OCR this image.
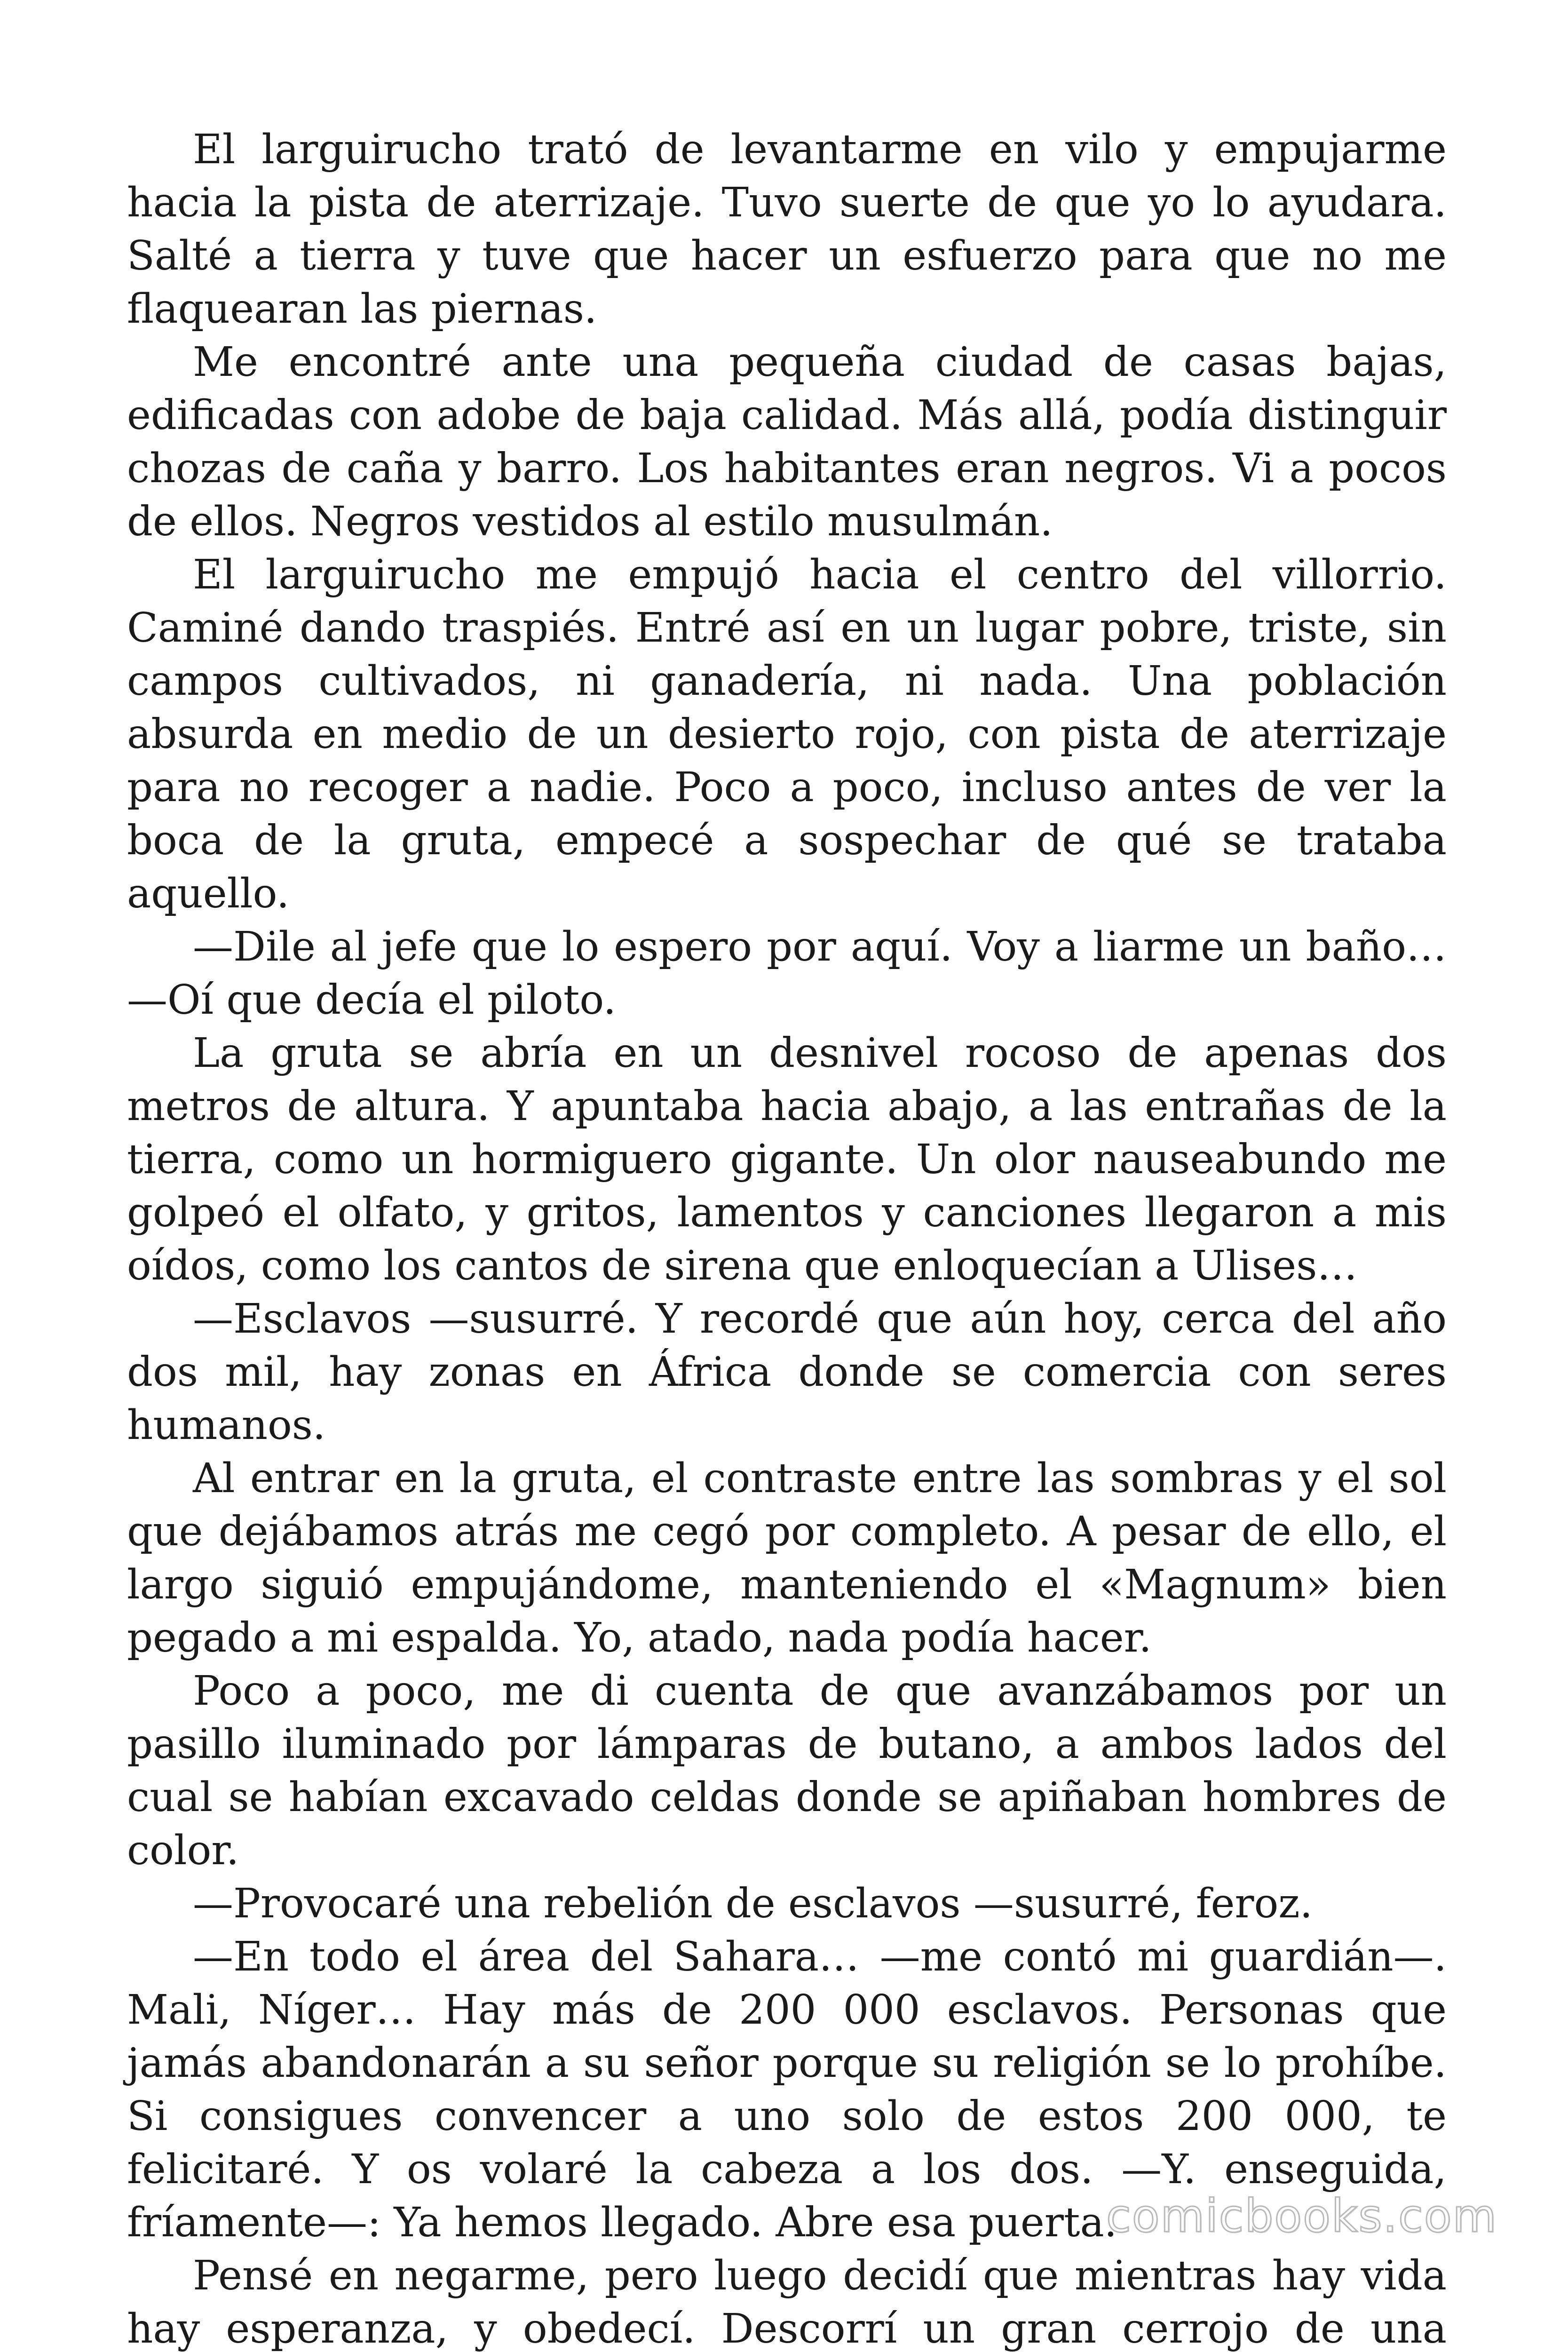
El larguirucho trató de levantarme en vilo y empujarme hacia la pista de aterrizaje. Tuvo suerte de que yo lo ayudara. Salté a tierra y tuve que hacer un esfuerzo para que no me flaquearan las piernas.

Me encontré ante una pequeña ciudad de casas bajas, edificadas con adobe de baja calidad. Más allá, podía distinguir chozas de caña y barro. Los habitantes eran negros. Vi a pocos de ellos. Negros vestidos al estilo musulmán.

El larguirucho me empujó hacia el centro del villorrio. Caminé dando traspiés. Entré así en un lugar pobre, triste, sin campos cultivados, ni ganadería, ni nada. Una población absurda en medio de un desierto rojo, con pista de aterrizaje para no recoger a nadie. Poco a poco, incluso antes de ver la boca de la gruta, empecé a sospechar de qué se trataba aquello.

—Dile al jefe que lo espero por aquí. Voy a liarme un baño… —Oí que decía el piloto.

La gruta se abría en un desnivel rocoso de apenas dos metros de altura. Y apuntaba hacia abajo, a las entrañas de la tierra, como un hormiguero gigante. Un olor nauseabundo me golpeó el olfato, y gritos, lamentos y canciones llegaron a mis oídos, como los cantos de sirena que enloquecían a Ulises…

—Esclavos —susurré. Y recordé que aún hoy, cerca del año dos mil, hay zonas en África donde se comercia con seres humanos.

Al entrar en la gruta, el contraste entre las sombras y el sol que dejábamos atrás me cegó por completo. A pesar de ello, el largo siguió empujándome, manteniendo el «Magnum» bien pegado a mi espalda. Yo, atado, nada podía hacer.

Poco a poco, me di cuenta de que avanzábamos por un pasillo iluminado por lámparas de butano, a ambos lados del cual se habían excavado celdas donde se apiñaban hombres de color.

—Provocaré una rebelión de esclavos —susurré, feroz.

—En todo el área del Sahara… —me contó mi guardián—. Mali, Níger… Hay más de 200 000 esclavos. Personas que jamás abandonarán a su señor porque su religión se lo prohíbe. Si consigues convencer a uno solo de estos 200 000, te felicitaré. Y os volaré la cabeza a los dos. —Y. enseguida, fríamente—: Ya hemos llegado. Abre esa puerta.

Pensé en negarme, pero luego decidí que mientras hay vida hay esperanza, y obedecí. Descorrí un gran cerrojo de una

comicbooks.com
